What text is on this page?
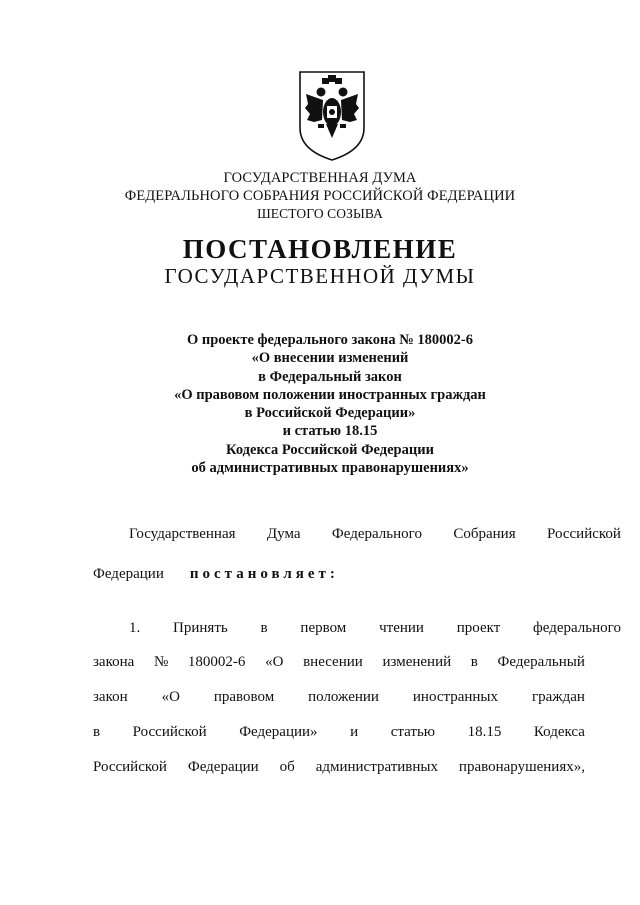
ГОСУДАРСТВЕННАЯ ДУМА
ФЕДЕРАЛЬНОГО СОБРАНИЯ РОССИЙСКОЙ ФЕДЕРАЦИИ
ШЕСТОГО СОЗЫВА
ПОСТАНОВЛЕНИЕ
ГОСУДАРСТВЕННОЙ ДУМЫ
О проекте федерального закона № 180002-6
«О внесении изменений
в Федеральный закон
«О правовом положении иностранных граждан
в Российской Федерации»
и статью 18.15
Кодекса Российской Федерации
об административных правонарушениях»
Государственная Дума Федерального Собрания Российской
Федерации постановляет:
1. Принять в первом чтении проект федерального
закона № 180002-6 «О внесении изменений в Федеральный
закон «О правовом положении иностранных граждан
в Российской Федерации» и статью 18.15 Кодекса
Российской Федерации об административных правонарушениях»,
